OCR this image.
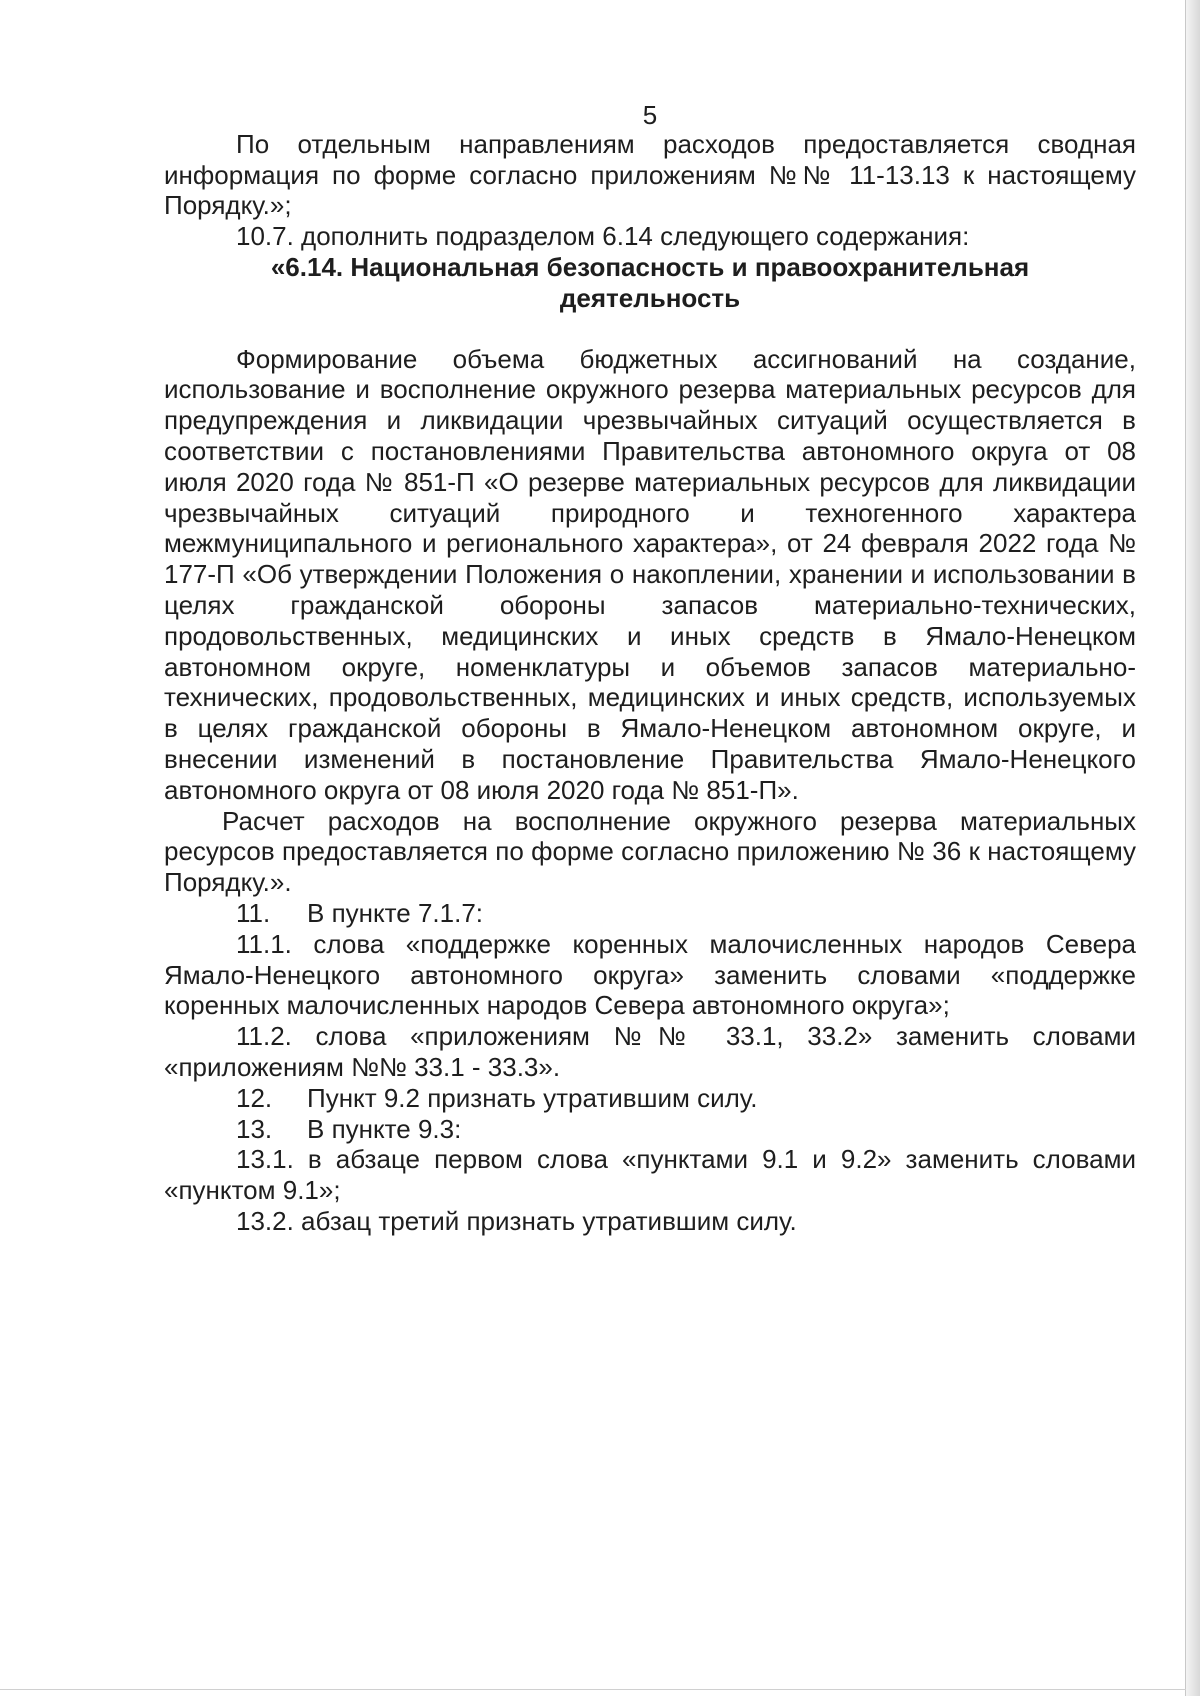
5

По отдельным направлениям расходов предоставляется сводная информация по форме согласно приложениям №№ 11-13.13 к настоящему Порядку.»;

10.7. дополнить подразделом 6.14 следующего содержания:

«6.14. Национальная безопасность и правоохранительная деятельность

Формирование объема бюджетных ассигнований на создание, использование и восполнение окружного резерва материальных ресурсов для предупреждения и ликвидации чрезвычайных ситуаций осуществляется в соответствии с постановлениями Правительства автономного округа от 08 июля 2020 года № 851-П «О резерве материальных ресурсов для ликвидации чрезвычайных ситуаций природного и техногенного характера межмуниципального и регионального характера», от 24 февраля 2022 года № 177-П «Об утверждении Положения о накоплении, хранении и использовании в целях гражданской обороны запасов материально-технических, продовольственных, медицинских и иных средств в Ямало-Ненецком автономном округе, номенклатуры и объемов запасов материально-технических, продовольственных, медицинских и иных средств, используемых в целях гражданской обороны в Ямало-Ненецком автономном округе, и внесении изменений в постановление Правительства Ямало-Ненецкого автономного округа от 08 июля 2020 года № 851-П».

Расчет расходов на восполнение окружного резерва материальных ресурсов предоставляется по форме согласно приложению № 36 к настоящему Порядку.».

11. В пункте 7.1.7:

11.1. слова «поддержке коренных малочисленных народов Севера Ямало-Ненецкого автономного округа» заменить словами «поддержке коренных малочисленных народов Севера автономного округа»;

11.2. слова «приложениям №№ 33.1, 33.2» заменить словами «приложениям №№ 33.1 - 33.3».

12. Пункт 9.2 признать утратившим силу.

13. В пункте 9.3:

13.1. в абзаце первом слова «пунктами 9.1 и 9.2» заменить словами «пунктом 9.1»;

13.2. абзац третий признать утратившим силу.
